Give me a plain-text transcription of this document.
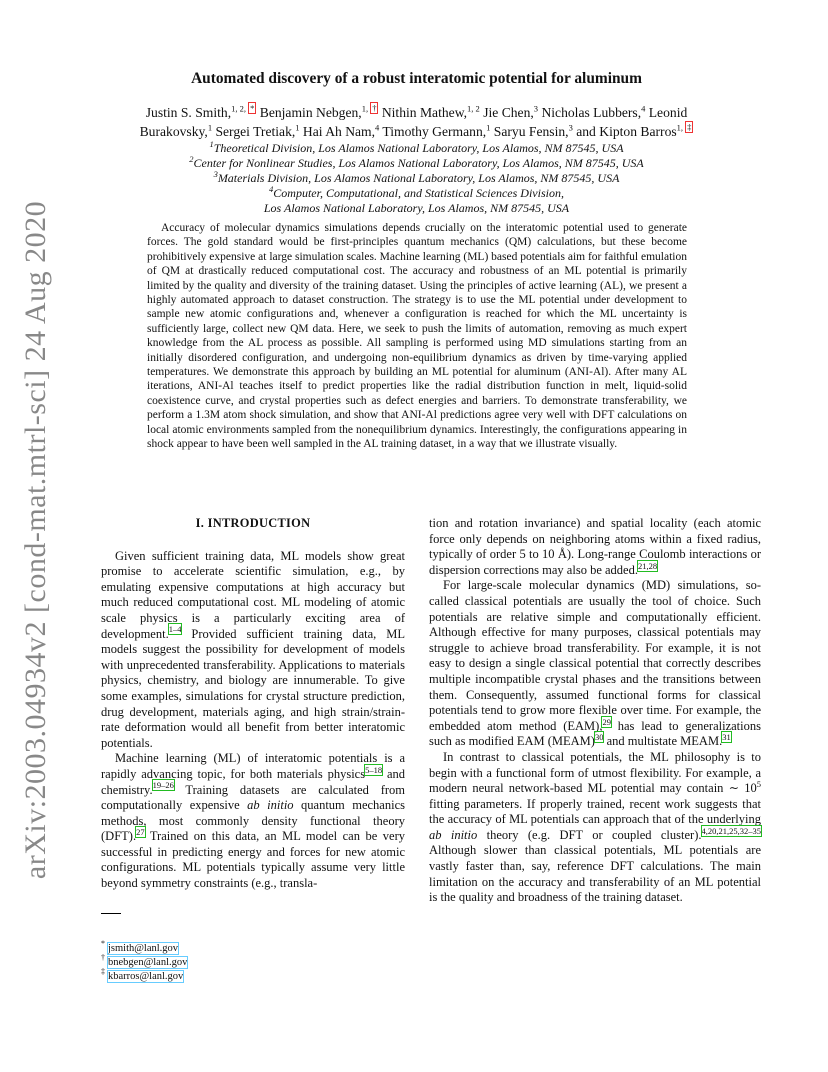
arXiv:2003.04934v2 [cond-mat.mtrl-sci] 24 Aug 2020
Automated discovery of a robust interatomic potential for aluminum
Justin S. Smith,$^{1, 2,}$ * Benjamin Nebgen,$^{1,}$ † Nithin Mathew,$^{1, 2}$ Jie Chen,$^3$ Nicholas Lubbers,$^4$ Leonid
Burakovsky,$^1$ Sergei Tretiak,$^1$ Hai Ah Nam,$^4$ Timothy Germann,$^1$ Saryu Fensin,$^3$ and Kipton Barros$^{1,}$ ‡
$^1$Theoretical Division, Los Alamos National Laboratory, Los Alamos, NM 87545, USA
$^2$Center for Nonlinear Studies, Los Alamos National Laboratory, Los Alamos, NM 87545, USA
$^3$Materials Division, Los Alamos National Laboratory, Los Alamos, NM 87545, USA
$^4$Computer, Computational, and Statistical Sciences Division,
Los Alamos National Laboratory, Los Alamos, NM 87545, USA

Accuracy of molecular dynamics simulations depends crucially on the interatomic potential used to generate forces. The gold standard would be first-principles quantum mechanics (QM) calculations, but these become prohibitively expensive at large simulation scales. Machine learning (ML) based potentials aim for faithful emulation of QM at drastically reduced computational cost. The accuracy and robustness of an ML potential is primarily limited by the quality and diversity of the training dataset. Using the principles of active learning (AL), we present a highly automated approach to dataset construction. The strategy is to use the ML potential under development to sample new atomic configurations and, whenever a configuration is reached for which the ML uncertainty is sufficiently large, collect new QM data. Here, we seek to push the limits of automation, removing as much expert knowledge from the AL process as possible. All sampling is performed using MD simulations starting from an initially disordered configuration, and undergoing non-equilibrium dynamics as driven by time-varying applied temperatures. We demonstrate this approach by building an ML potential for aluminum (ANI-Al). After many AL iterations, ANI-Al teaches itself to predict properties like the radial distribution function in melt, liquid-solid coexistence curve, and crystal properties such as defect energies and barriers. To demonstrate transferability, we perform a 1.3M atom shock simulation, and show that ANI-Al predictions agree very well with DFT calculations on local atomic environments sampled from the nonequilibrium dynamics. Interestingly, the configurations appearing in shock appear to have been well sampled in the AL training dataset, in a way that we illustrate visually.

I. INTRODUCTION

Given sufficient training data, ML models show great promise to accelerate scientific simulation, e.g., by emulating expensive computations at high accuracy but much reduced computational cost. ML modeling of atomic scale physics is a particularly exciting area of development.$^{1-4}$ Provided sufficient training data, ML models suggest the possibility for development of models with unprecedented transferability. Applications to materials physics, chemistry, and biology are innumerable. To give some examples, simulations for crystal structure prediction, drug development, materials aging, and high strain/strain-rate deformation would all benefit from better interatomic potentials.

Machine learning (ML) of interatomic potentials is a rapidly advancing topic, for both materials physics$^{5-18}$ and chemistry.$^{19-26}$ Training datasets are calculated from computationally expensive ab initio quantum mechanics methods, most commonly density functional theory (DFT).$^{27}$ Trained on this data, an ML model can be very successful in predicting energy and forces for new atomic configurations. ML potentials typically assume very little beyond symmetry constraints (e.g., transla-

tion and rotation invariance) and spatial locality (each atomic force only depends on neighboring atoms within a fixed radius, typically of order 5 to 10 Å). Long-range Coulomb interactions or dispersion corrections may also be added.$^{21,28}$

For large-scale molecular dynamics (MD) simulations, so-called classical potentials are usually the tool of choice. Such potentials are relative simple and computationally efficient. Although effective for many purposes, classical potentials may struggle to achieve broad transferability. For example, it is not easy to design a single classical potential that correctly describes multiple incompatible crystal phases and the transitions between them. Consequently, assumed functional forms for classical potentials tend to grow more flexible over time. For example, the embedded atom method (EAM),$^{29}$ has lead to generalizations such as modified EAM (MEAM)$^{30}$ and multistate MEAM.$^{31}$

In contrast to classical potentials, the ML philosophy is to begin with a functional form of utmost flexibility. For example, a modern neural network-based ML potential may contain ∼ $10^5$ fitting parameters. If properly trained, recent work suggests that the accuracy of ML potentials can approach that of the underlying ab initio theory (e.g. DFT or coupled cluster).$^{4,20,21,25,32-35}$ Although slower than classical potentials, ML potentials are vastly faster than, say, reference DFT calculations. The main limitation on the accuracy and transferability of an ML potential is the quality and broadness of the training dataset.

* jsmith@lanl.gov
† bnebgen@lanl.gov
‡ kbarros@lanl.gov
